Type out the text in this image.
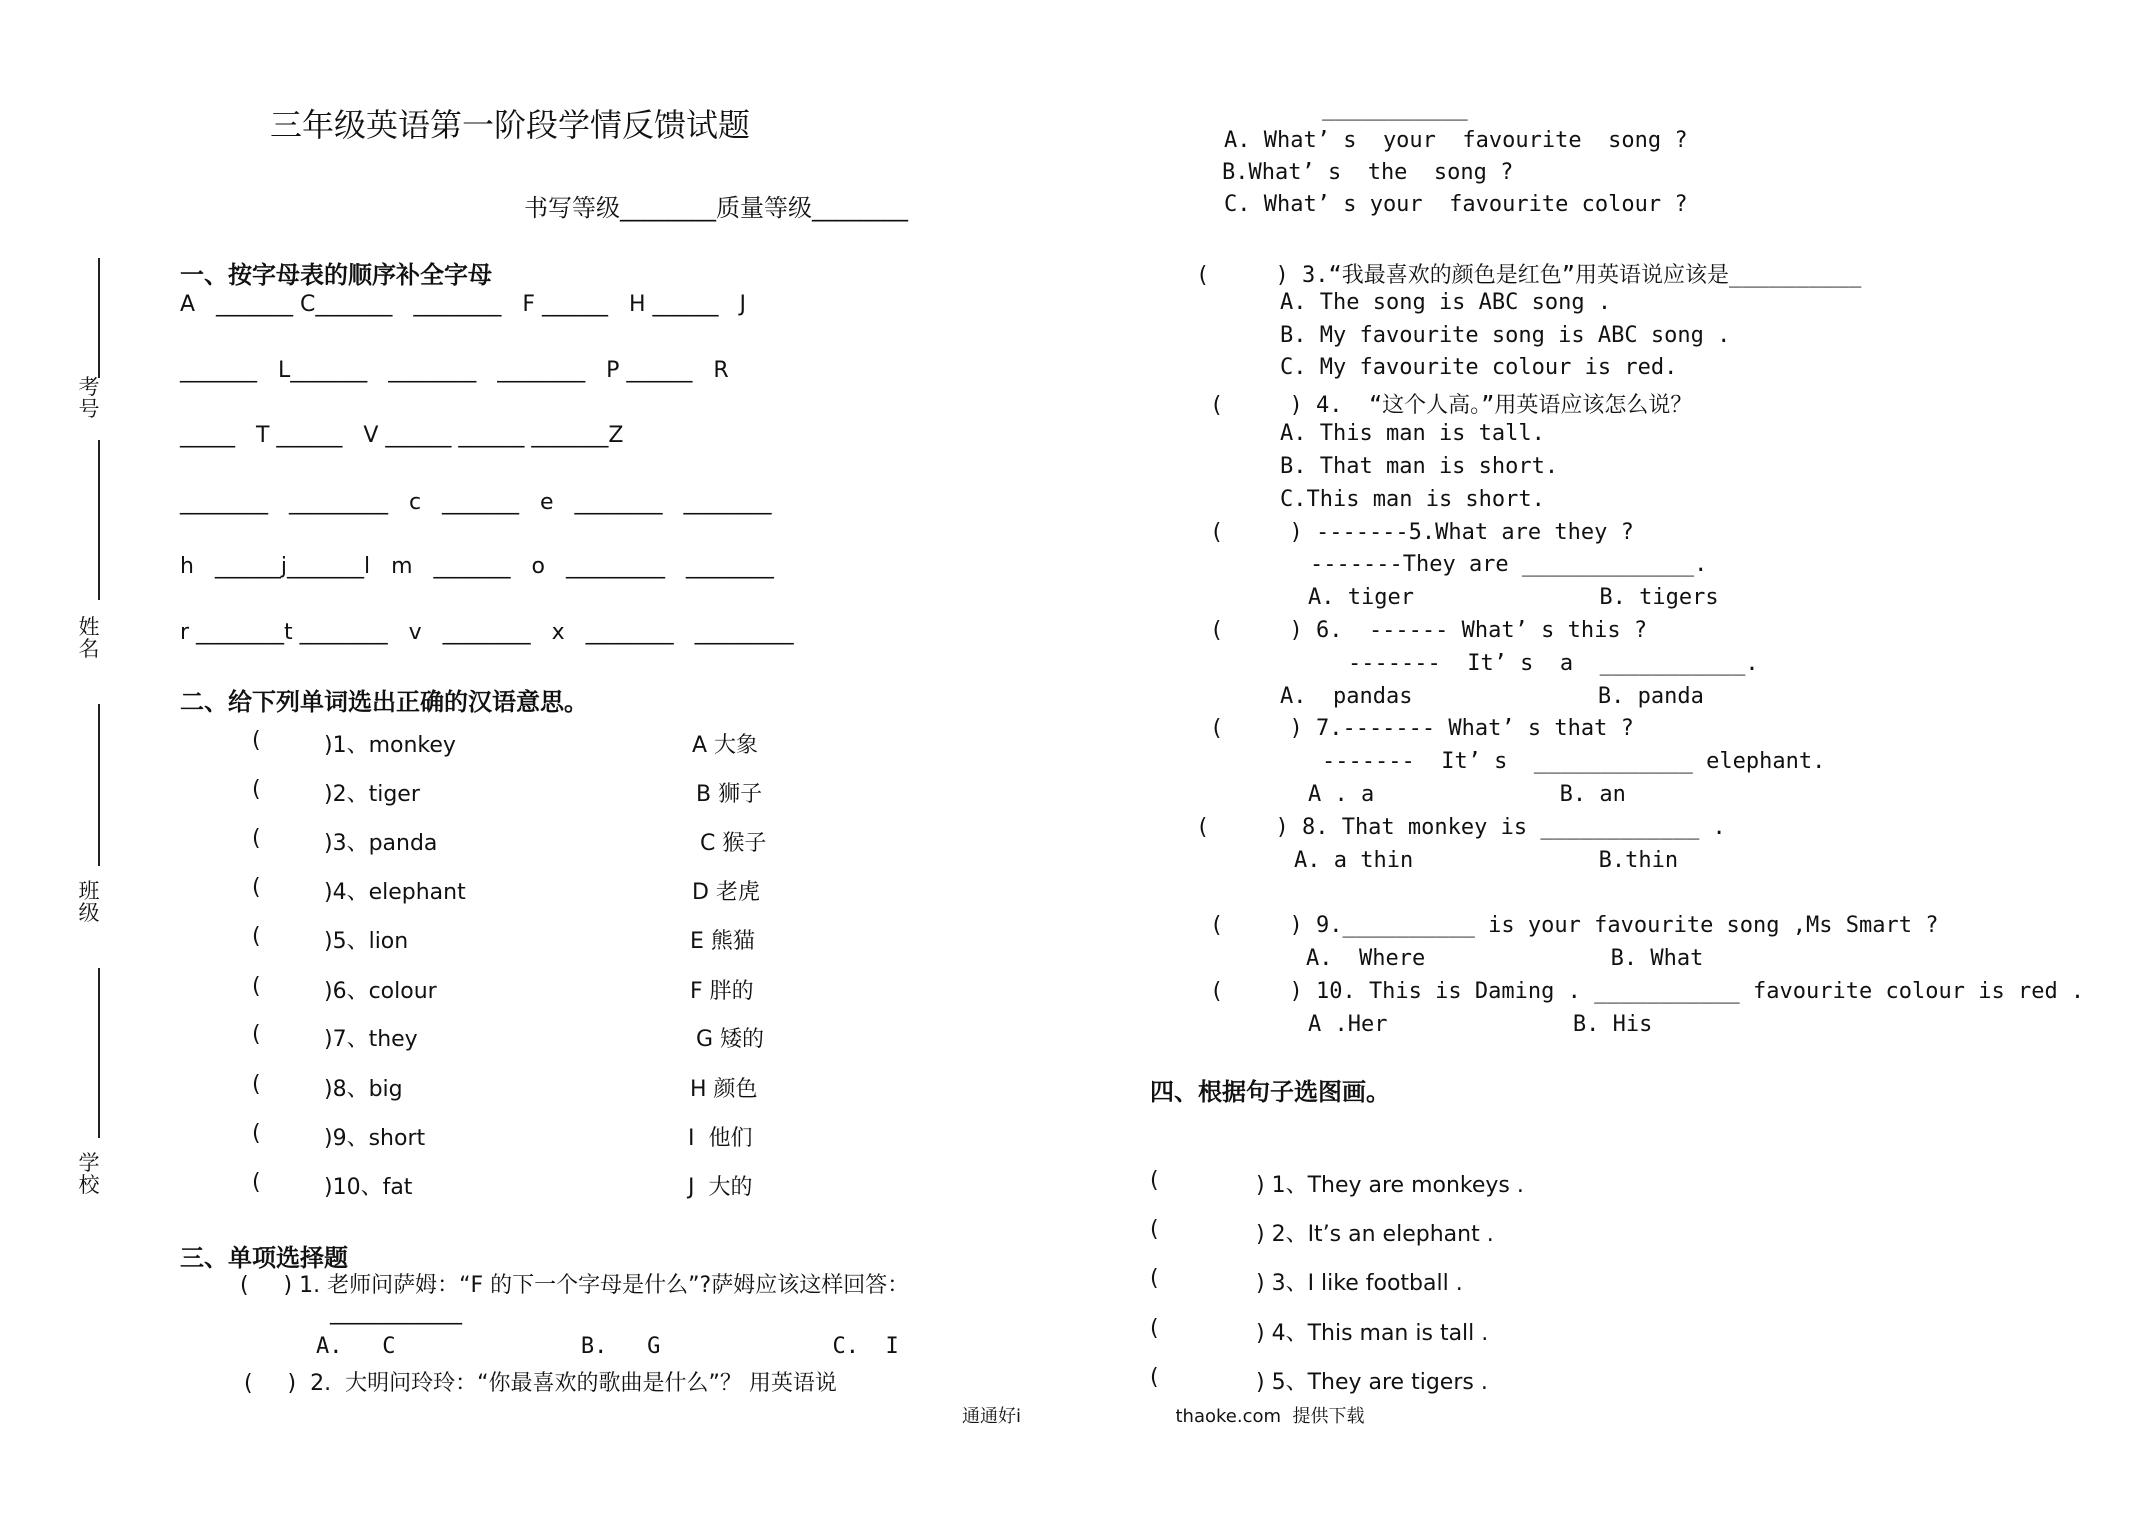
三年级英语第一阶段学情反馈试题
书写等级________质量等级________
考号
姓名
班级
学校
一、按字母表的顺序补全字母
A   _______ C_______   ________   F ______   H ______   J
_______   L_______   ________   ________   P ______   R
_____   T ______   V ______ ______ _______Z
________   _________   c   _______   e   ________   ________
h   ______j_______l   m   _______   o   _________   ________
r ________t ________   v   ________   x   ________   _________
二、给下列单词选出正确的汉语意思。
(	)1、monkey	A 大象
(	)2、tiger	B 狮子
(	)3、panda	C 猴子
(	)4、elephant	D 老虎
(	)5、lion	E 熊猫
(	)6、colour	F 胖的
(	)7、they	G 矮的
(	)8、big	H 颜色
(	)9、short	I  他们
(	)10、fat	J  大的
三、单项选择题
(     ) 1. 老师问萨姆：“F 的下一个字母是什么”?萨姆应该这样回答：
____________
A.   C              B.   G             C.  I
(     )  2.  大明问玲玲：“你最喜欢的歌曲是什么”？ 用英语说
___________
A. What’ s  your  favourite  song ?
B.What’ s  the  song ?
C. What’ s your  favourite colour ?
(     ) 3.“我最喜欢的颜色是红色”用英语说应该是__________
A. The song is ABC song .
B. My favourite song is ABC song .
C. My favourite colour is red.
(     ) 4.  “这个人高。”用英语应该怎么说？
A. This man is tall.
B. That man is short.
C.This man is short.
(     ) -------5.What are they ?
-------They are _____________.
A. tiger              B. tigers
(     ) 6.  ------ What’ s this ?
-------  It’ s  a  ___________.
A.  pandas              B. panda
(     ) 7.------- What’ s that ?
-------  It’ s  ____________ elephant.
A . a              B. an
(     ) 8. That monkey is ____________ .
A. a thin              B.thin
(     ) 9.__________ is your favourite song ,Ms Smart ?
A.  Where              B. What
(     ) 10. This is Daming . ___________ favourite colour is red .
A .Her              B. His
四、根据句子选图画。
(	) 1、They are monkeys .
(	) 2、It’s an elephant .
(	) 3、I like football .
(	) 4、This man is tall .
(	) 5、They are tigers .
通通好i                           thaoke.com  提供下载
